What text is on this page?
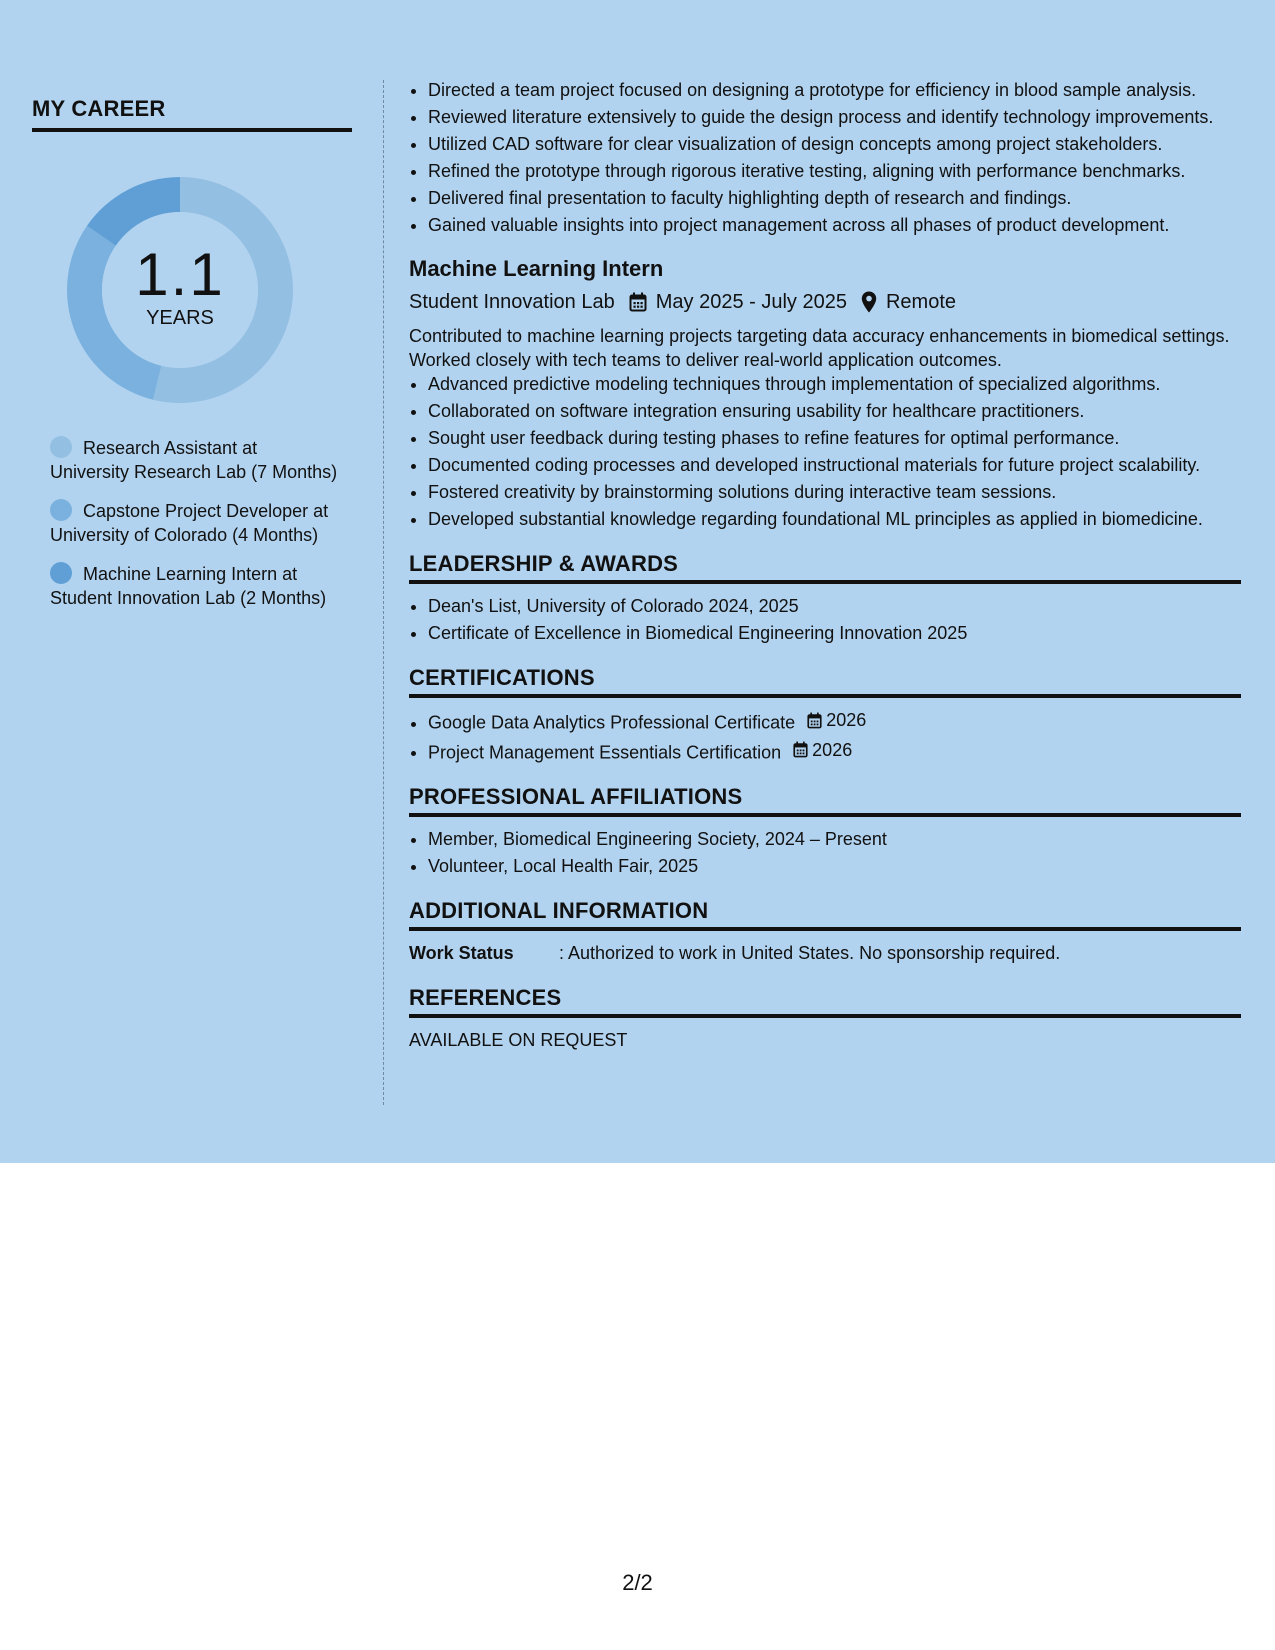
MY CAREER
1.1
YEARS
Research Assistant at University Research Lab (7 Months)
Capstone Project Developer at University of Colorado (4 Months)
Machine Learning Intern at Student Innovation Lab (2 Months)
• Directed a team project focused on designing a prototype for efficiency in blood sample analysis.
• Reviewed literature extensively to guide the design process and identify technology improvements.
• Utilized CAD software for clear visualization of design concepts among project stakeholders.
• Refined the prototype through rigorous iterative testing, aligning with performance benchmarks.
• Delivered final presentation to faculty highlighting depth of research and findings.
• Gained valuable insights into project management across all phases of product development.
Machine Learning Intern
Student Innovation Lab May 2025 - July 2025 Remote
Contributed to machine learning projects targeting data accuracy enhancements in biomedical settings. Worked closely with tech teams to deliver real-world application outcomes.
• Advanced predictive modeling techniques through implementation of specialized algorithms.
• Collaborated on software integration ensuring usability for healthcare practitioners.
• Sought user feedback during testing phases to refine features for optimal performance.
• Documented coding processes and developed instructional materials for future project scalability.
• Fostered creativity by brainstorming solutions during interactive team sessions.
• Developed substantial knowledge regarding foundational ML principles as applied in biomedicine.
LEADERSHIP & AWARDS
• Dean's List, University of Colorado 2024, 2025
• Certificate of Excellence in Biomedical Engineering Innovation 2025
CERTIFICATIONS
• Google Data Analytics Professional Certificate 2026
• Project Management Essentials Certification 2026
PROFESSIONAL AFFILIATIONS
• Member, Biomedical Engineering Society, 2024 – Present
• Volunteer, Local Health Fair, 2025
ADDITIONAL INFORMATION
Work Status	: Authorized to work in United States. No sponsorship required.
REFERENCES
AVAILABLE ON REQUEST
2/2
